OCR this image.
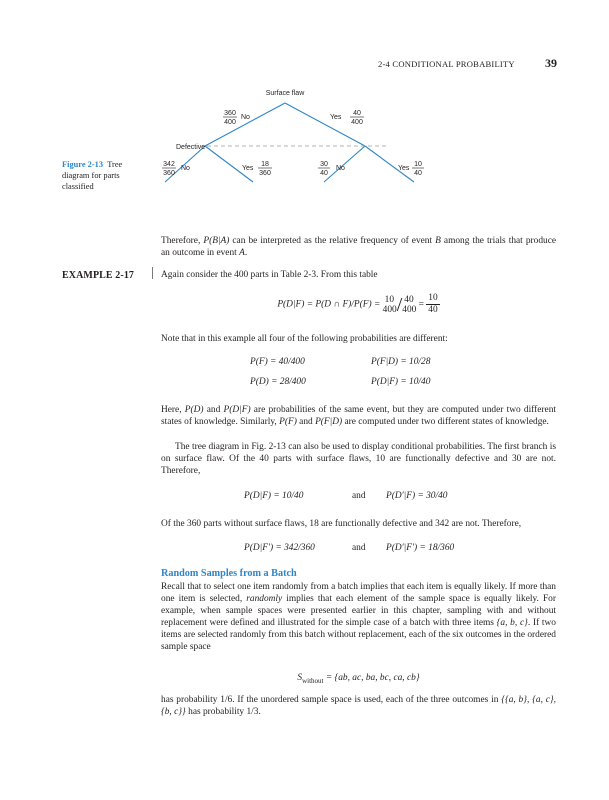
2-4 CONDITIONAL PROBABILITY	39
Surface flaw
Defective
360
400
No	Yes
40
400
342
360
No	Yes
18
360
30
40
No	Yes
10
40
Figure 2-13 Tree diagram for parts classified

Therefore, P(B|A) can be interpreted as the relative frequency of event B among the trials that produce an outcome in event A.

EXAMPLE 2-17	Again consider the 400 parts in Table 2-3. From this table

P(D|F) = P(D ∩ F)/P(F) =
10
400 / 40
$400 = \frac{10}{40}$

Note that in this example all four of the following probabilities are different:

P(F) = 40/400	P(F|D) = 10/28
P(D) = 28/400	P(D|F) = 10/40

Here, P(D) and P(D|F) are probabilities of the same event, but they are computed under two different states of knowledge. Similarly, P(F) and P(F|D) are computed under two different states of knowledge.

The tree diagram in Fig. 2-13 can also be used to display conditional probabilities. The first branch is on surface flaw. Of the 40 parts with surface flaws, 10 are functionally defective and 30 are not. Therefore,

P(D|F) = 10/40	and P(D′|F) = 30/40

Of the 360 parts without surface flaws, 18 are functionally defective and 342 are not. Therefore,

P(D|F′) = 342/360	and P(D′|F′) = 18/360
Random Samples from a Batch

Recall that to select one item randomly from a batch implies that each item is equally likely. If more than one item is selected, randomly implies that each element of the sample space is equally likely. For example, when sample spaces were presented earlier in this chapter, sampling with and without replacement were defined and illustrated for the simple case of a batch with three items {a, b, c}. If two items are selected randomly from this batch without replacement, each of the six outcomes in the ordered sample space

$S_{without} = \{ab$, ac, ba, bc, ca, cb}

has probability 1/6. If the unordered sample space is used, each of the three outcomes in {{a, b}, {a, c}, {b, c}} has probability 1/3.
